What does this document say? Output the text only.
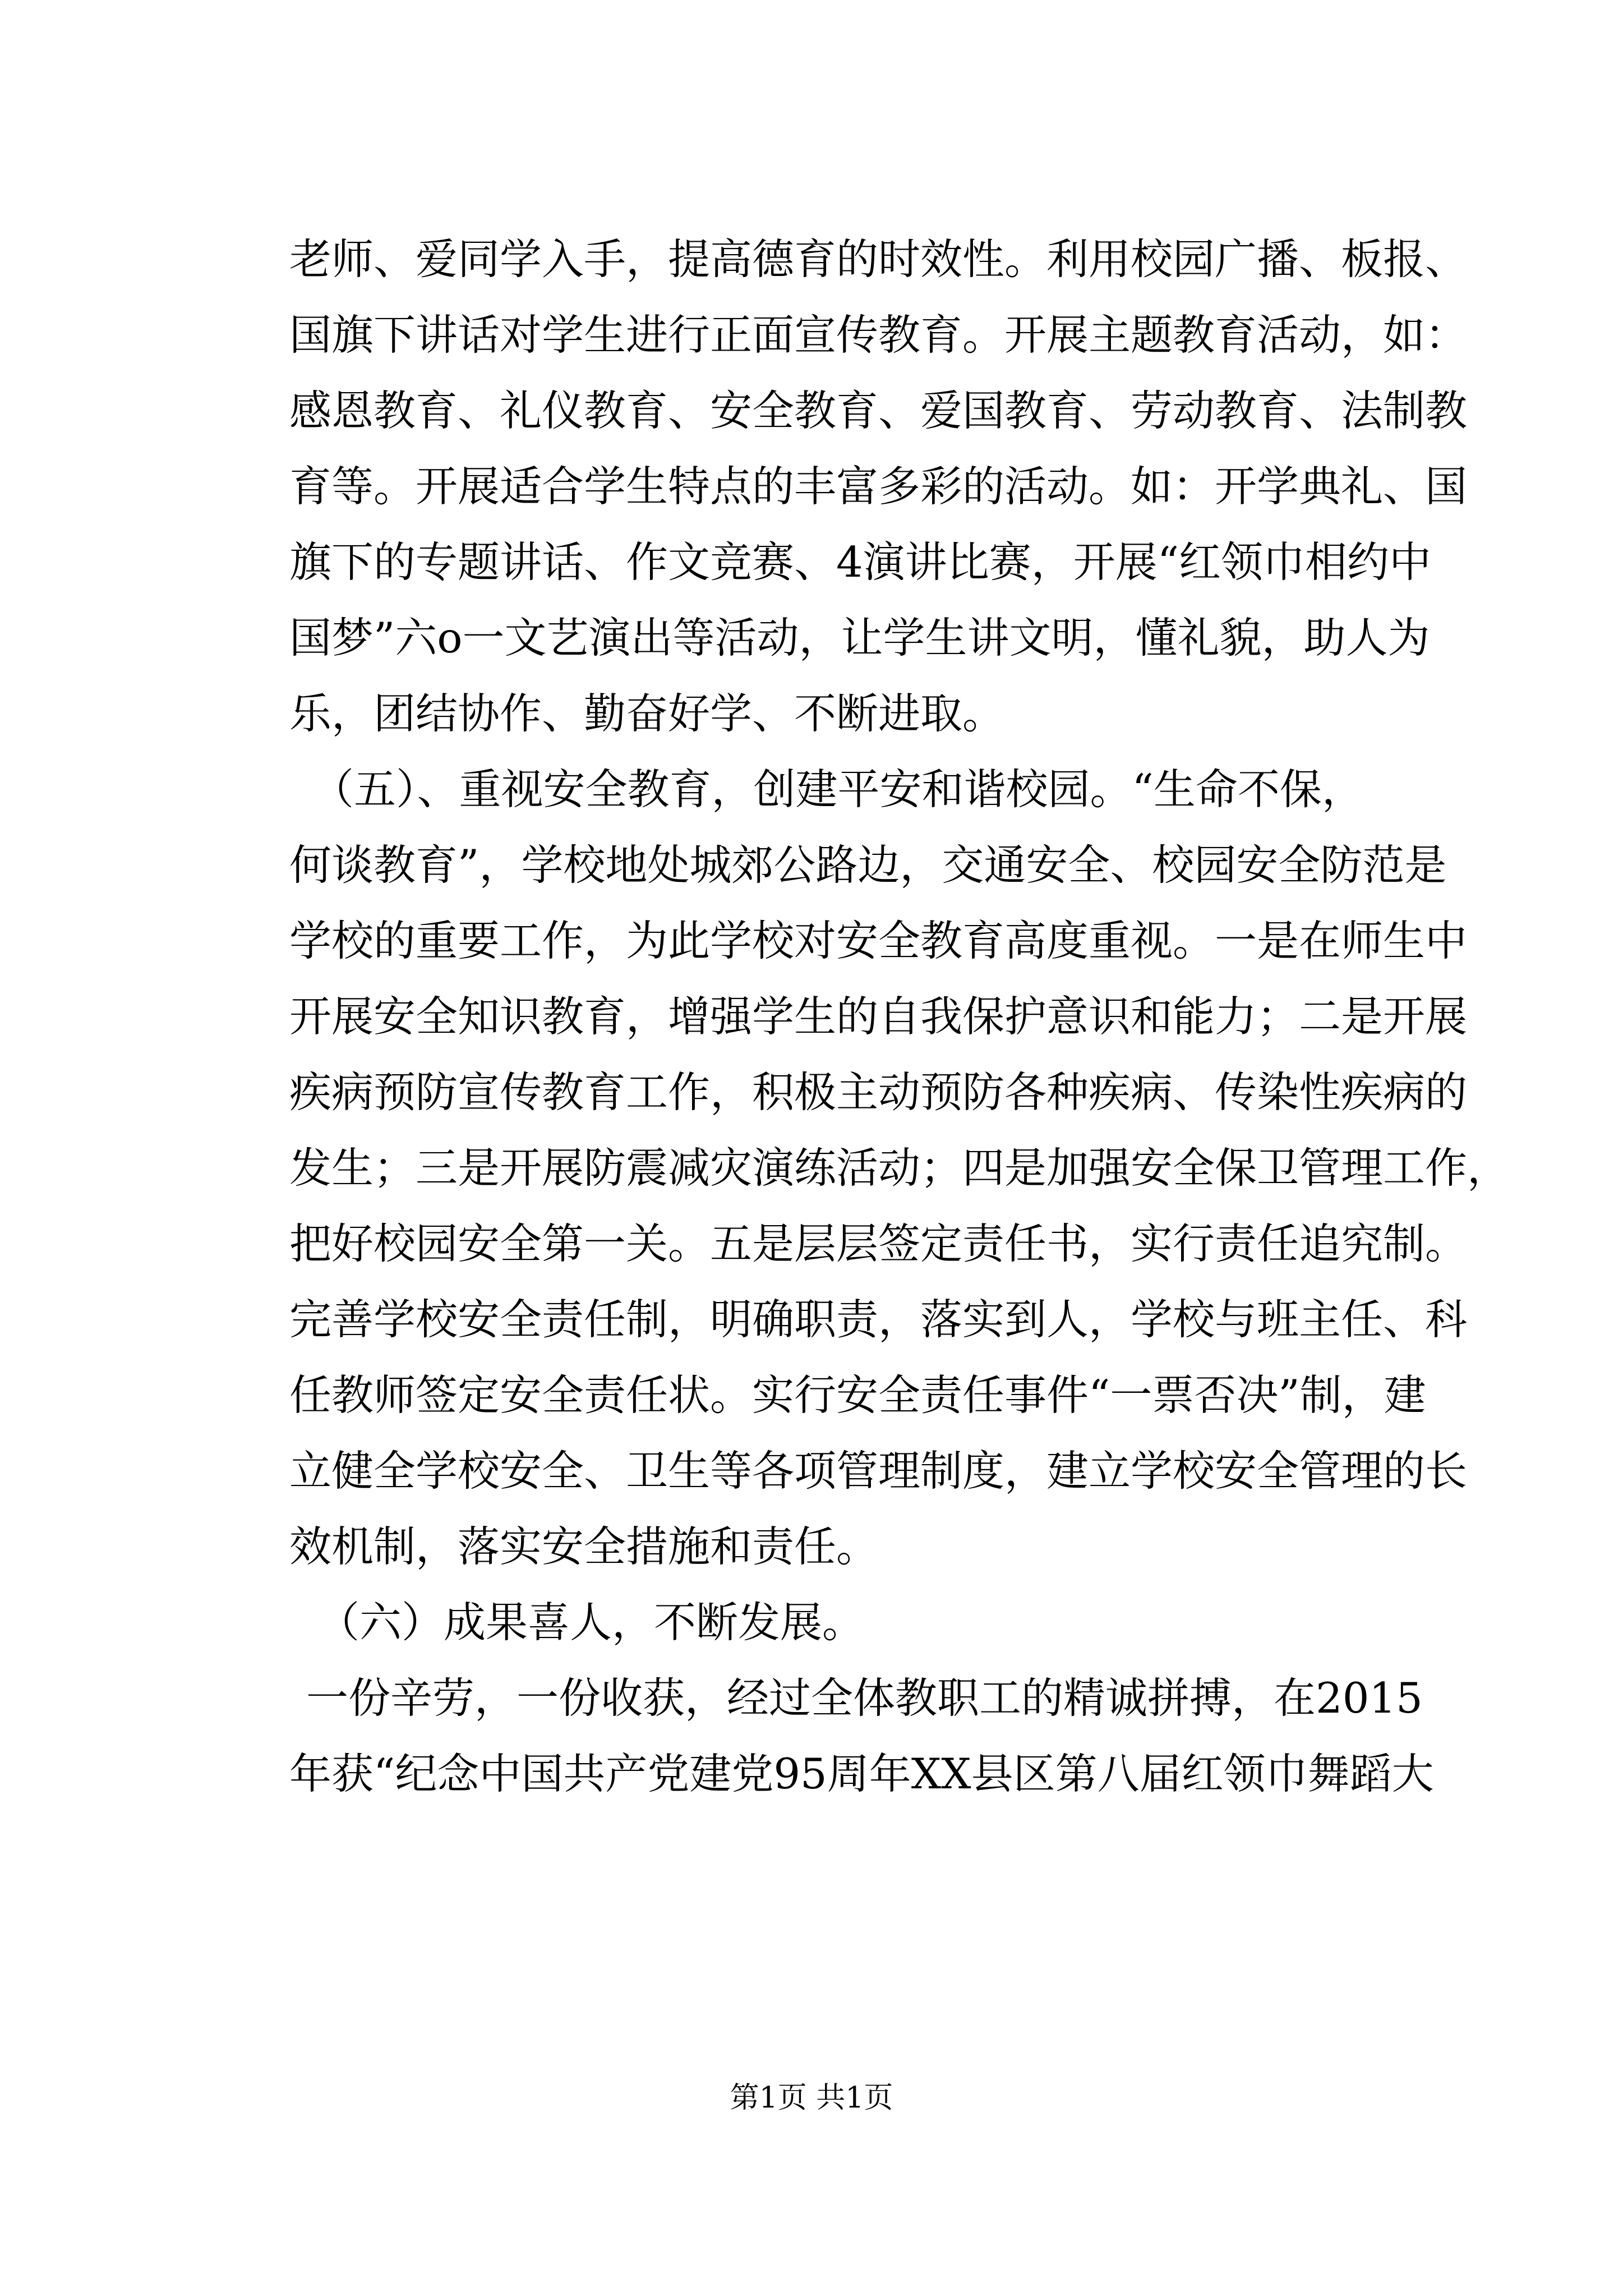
老师、爱同学入手，提高德育的时效性。利用校园广播、板报、
国旗下讲话对学生进行正面宣传教育。开展主题教育活动，如：
感恩教育、礼仪教育、安全教育、爱国教育、劳动教育、法制教
育等。开展适合学生特点的丰富多彩的活动。如：开学典礼、国
旗下的专题讲话、作文竞赛、4演讲比赛，开展“红领巾相约中
国梦”六ο一文艺演出等活动，让学生讲文明，懂礼貌，助人为
乐，团结协作、勤奋好学、不断进取。
（五）、重视安全教育，创建平安和谐校园。“生命不保，
何谈教育”，学校地处城郊公路边，交通安全、校园安全防范是
学校的重要工作，为此学校对安全教育高度重视。一是在师生中
开展安全知识教育，增强学生的自我保护意识和能力；二是开展
疾病预防宣传教育工作，积极主动预防各种疾病、传染性疾病的
发生；三是开展防震减灾演练活动；四是加强安全保卫管理工作，
把好校园安全第一关。五是层层签定责任书，实行责任追究制。
完善学校安全责任制，明确职责，落实到人，学校与班主任、科
任教师签定安全责任状。实行安全责任事件“一票否决”制，建
立健全学校安全、卫生等各项管理制度，建立学校安全管理的长
效机制，落实安全措施和责任。
（六）成果喜人，不断发展。
一份辛劳，一份收获，经过全体教职工的精诚拼搏，在2015
年获“纪念中国共产党建党95周年XX县区第八届红领巾舞蹈大
第1页 共1页
